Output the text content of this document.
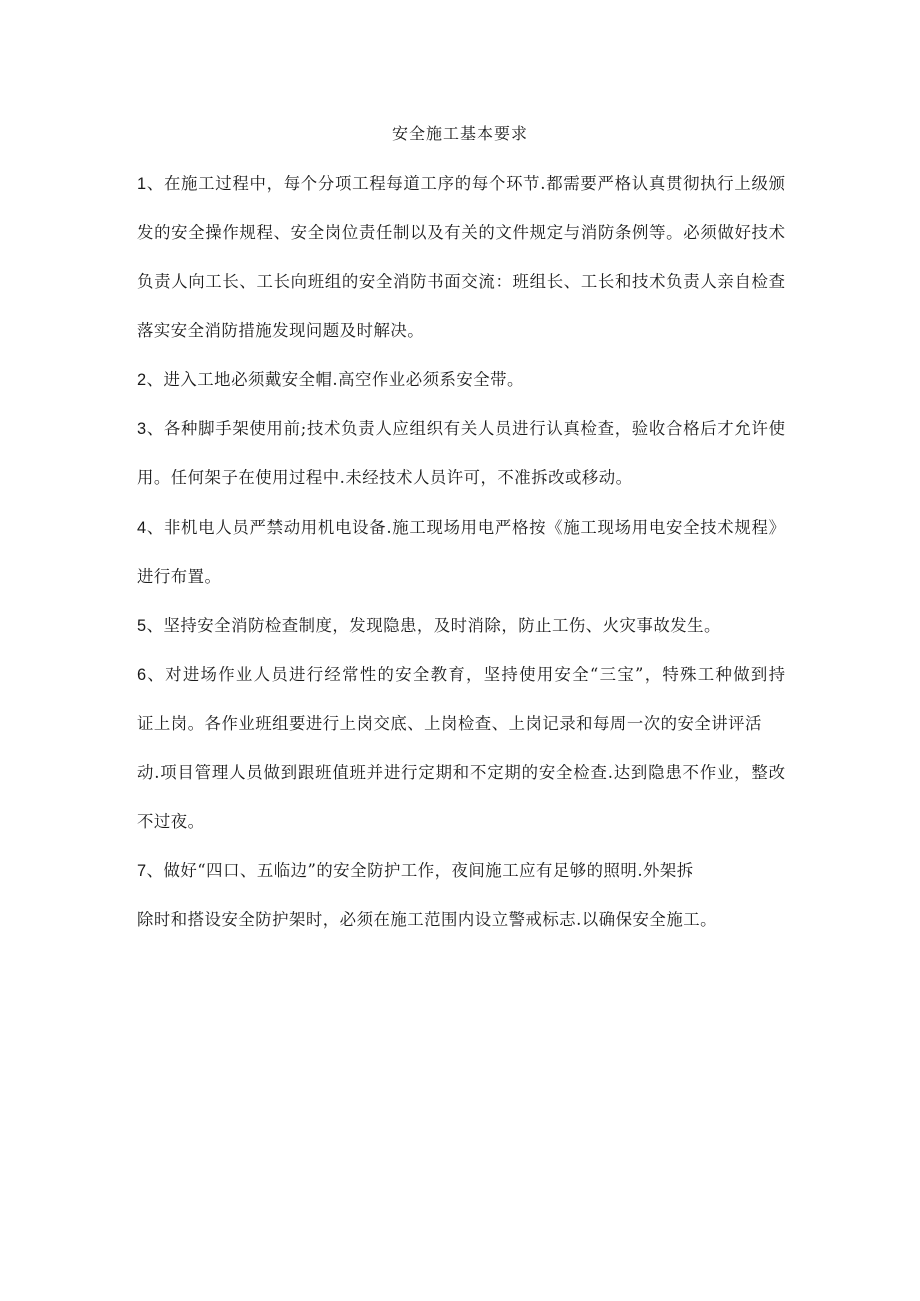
安全施工基本要求
1、在施工过程中，每个分项工程每道工序的每个环节.都需要严格认真贯彻执行上级颁
发的安全操作规程、安全岗位责任制以及有关的文件规定与消防条例等。必须做好技术
负责人向工长、工长向班组的安全消防书面交流：班组长、工长和技术负责人亲自检查
落实安全消防措施发现问题及时解决。
2、进入工地必须戴安全帽.高空作业必须系安全带。
3、各种脚手架使用前;技术负责人应组织有关人员进行认真检查，验收合格后才允许使
用。任何架子在使用过程中.未经技术人员许可，不准拆改或移动。
4、非机电人员严禁动用机电设备.施工现场用电严格按《施工现场用电安全技术规程》
进行布置。
5、坚持安全消防检查制度，发现隐患，及时消除，防止工伤、火灾事故发生。
6、对进场作业人员进行经常性的安全教育，坚持使用安全“三宝”，特殊工种做到持
证上岗。各作业班组要进行上岗交底、上岗检查、上岗记录和每周一次的安全讲评活
动.项目管理人员做到跟班值班并进行定期和不定期的安全检查.达到隐患不作业，整改
不过夜。
7、做好“四口、五临边”的安全防护工作，夜间施工应有足够的照明.外架拆
除时和搭设安全防护架时，必须在施工范围内设立警戒标志.以确保安全施工。
